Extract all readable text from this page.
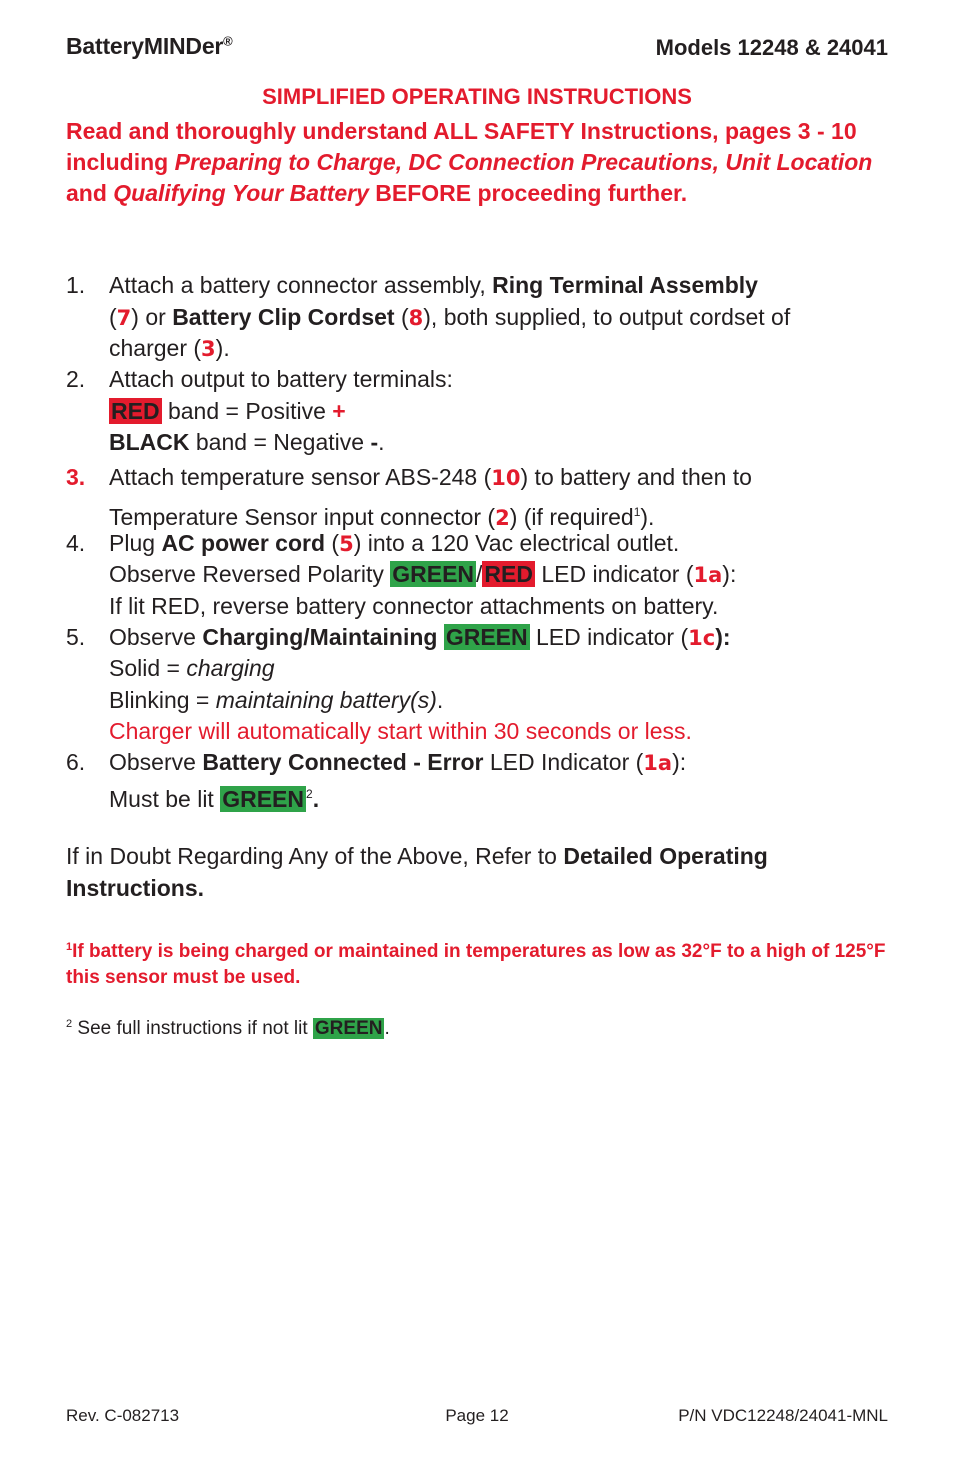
BatteryMINDer®	Models 12248 & 24041
SIMPLIFIED OPERATING INSTRUCTIONS
Read and thoroughly understand ALL SAFETY Instructions, pages 3 - 10 including Preparing to Charge, DC Connection Precautions, Unit Location and Qualifying Your Battery BEFORE proceeding further.
1. Attach a battery connector assembly, Ring Terminal Assembly
(7) or Battery Clip Cordset (8), both supplied, to output cordset of
charger (3).
2. Attach output to battery terminals:
RED band = Positive +
BLACK band = Negative -.
3. Attach temperature sensor ABS-248 (10) to battery and then to
Temperature Sensor input connector (2) (if required$^1$).
4. Plug AC power cord (5) into a 120 Vac electrical outlet.
Observe Reversed Polarity GREEN/RED LED indicator (1a):
If lit RED, reverse battery connector attachments on battery.
5. Observe Charging/Maintaining GREEN LED indicator (1c):
Solid = charging
Blinking = maintaining battery(s).
Charger will automatically start within 30 seconds or less.
6. Observe Battery Connected - Error LED Indicator (1a):
Must be lit GREEN $^2$.
If in Doubt Regarding Any of the Above, Refer to Detailed Operating
Instructions.
$^1$If battery is being charged or maintained in temperatures as low as 32°F to a high of 125°F this sensor must be used.
$^2$ See full instructions if not lit GREEN .
Rev. C-082713	Page 12	P/N VDC12248/24041-MNL
